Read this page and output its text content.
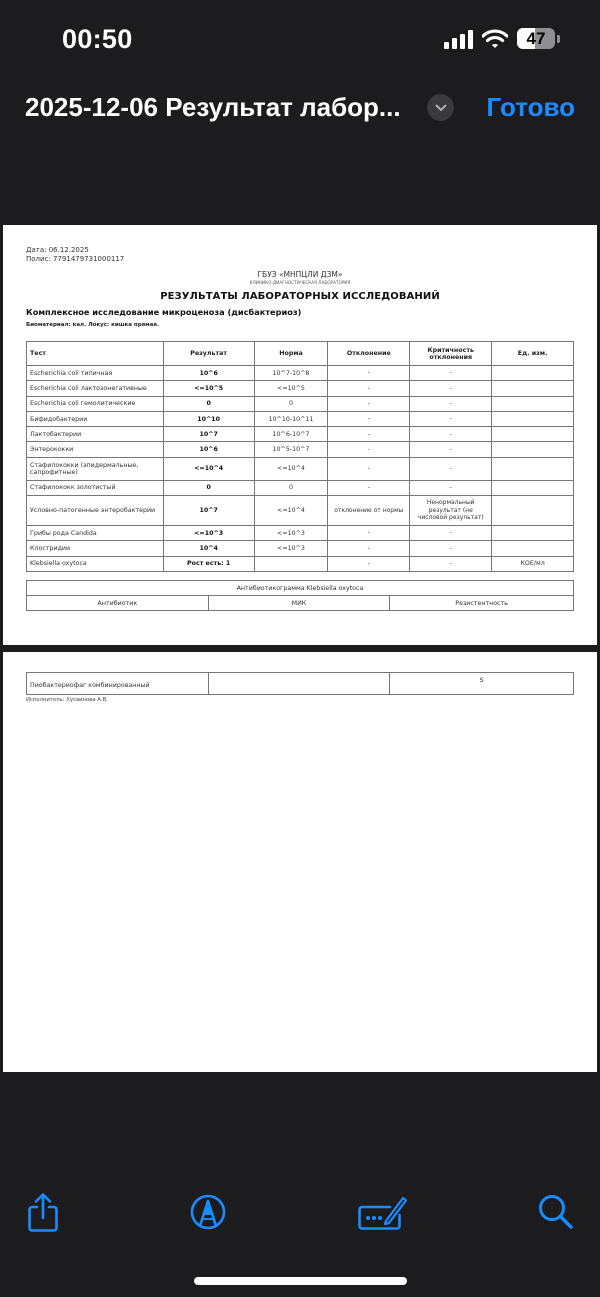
00:50	47
2025-12-06 Результат лабор...	Готово
Дата: 06.12.2025
Полис: 7791479731000117
ГБУЗ «МНПЦЛИ ДЗМ»
КЛИНИКО-ДИАГНОСТИЧЕСКАЯ ЛАБОРАТОРИЯ
РЕЗУЛЬТАТЫ ЛАБОРАТОРНЫХ ИССЛЕДОВАНИЙ
Комплексное исследование микроценоза (дисбактериоз)
Биоматериал: кал. Локус: кишка прямая.
Тест	Результат	Норма	Отклонение	Критичность отклонения	Ед. изм.
Escherichia coli типичная	10^6	10^7-10^8	-	-	
Escherichia coli лактозонегативные	<=10^5	<=10^5	-	-	
Escherichia coli гемолитические	0	0	-	-	
Бифидобактерии	10^10	10^10-10^11	-	-	
Лактобактерии	10^7	10^6-10^7	-	-	
Энтерококки	10^6	10^5-10^7	-	-	
Стафилококки (эпидермальные, сапрофитные)	<=10^4	<=10^4	-	-	
Стафилококк золотистый	0	0	-	-	
Условно-патогенные энтеробактерии	10^7	<=10^4	отклонение от нормы	Ненормальный результат (не числовой результат)	
Грибы рода Candida	<=10^3	<=10^3	-	-	
Клостридии	10^4	<=10^3	-	-	
Klebsiella oxytoca	Рост есть: 1		-	-	КОЕ/мл
Антибиотикограмма Klebsiella oxytoca
Антибиотик	МИК	Резистентность
Пиобактериофаг комбинированный		S
Исполнитель: Хусаинова А.В.
